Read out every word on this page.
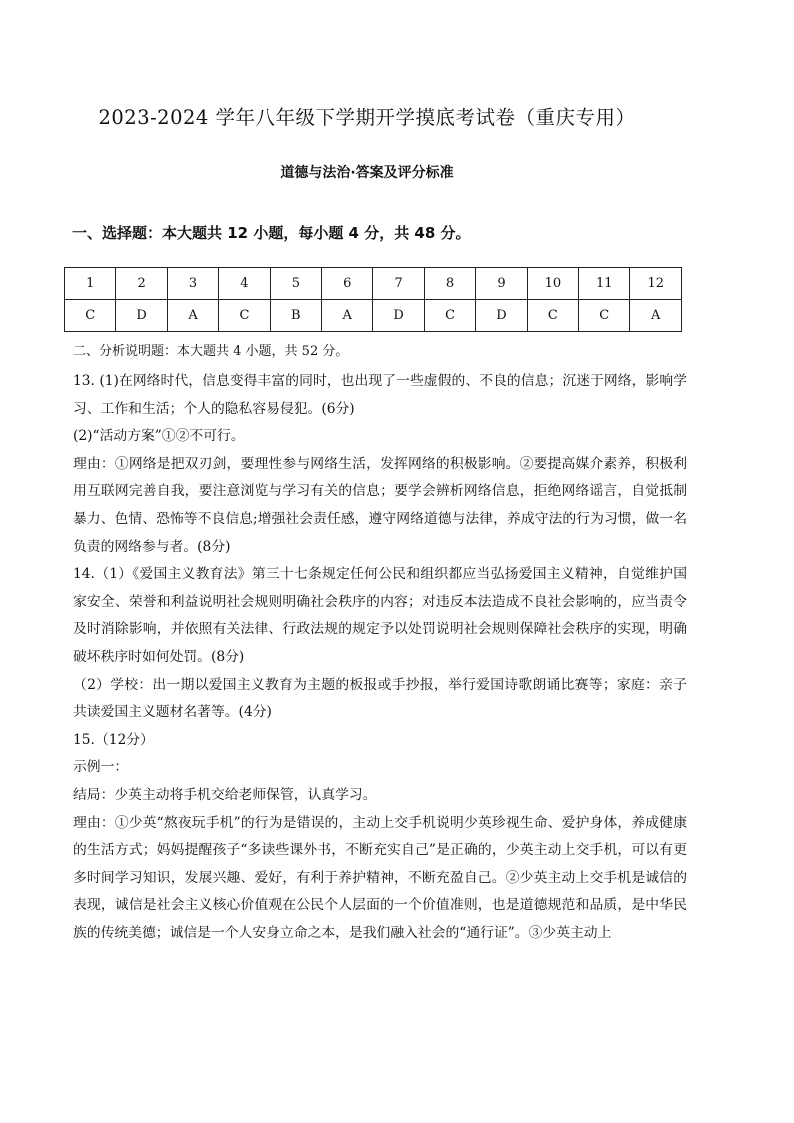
2023-2024 学年八年级下学期开学摸底考试卷（重庆专用）
道德与法治·答案及评分标准
一、选择题：本大题共 12 小题，每小题 4 分，共 48 分。
1	2	3	4	5	6	7	8	9	10	11	12
C	D	A	C	B	A	D	C	D	C	C	A
二、分析说明题：本大题共 4 小题，共 52 分。

13. (1)在网络时代，信息变得丰富的同时，也出现了一些虚假的、不良的信息；沉迷于网络，影响学习、工作和生活；个人的隐私容易侵犯。(6分)

(2)“活动方案”①②不可行。

理由：①网络是把双刃剑，要理性参与网络生活，发挥网络的积极影响。②要提高媒介素养，积极利用互联网完善自我，要注意浏览与学习有关的信息；要学会辨析网络信息，拒绝网络谣言，自觉抵制暴力、色情、恐怖等不良信息;增强社会责任感，遵守网络道德与法律，养成守法的行为习惯，做一名负责的网络参与者。(8分)

14.（1）《爱国主义教育法》第三十七条规定任何公民和组织都应当弘扬爱国主义精神，自觉维护国家安全、荣誉和利益说明社会规则明确社会秩序的内容；对违反本法造成不良社会影响的，应当责令及时消除影响，并依照有关法律、行政法规的规定予以处罚说明社会规则保障社会秩序的实现，明确破坏秩序时如何处罚。(8分)

（2）学校：出一期以爱国主义教育为主题的板报或手抄报，举行爱国诗歌朗诵比赛等；家庭：亲子共读爱国主义题材名著等。(4分)

15.（12分）

示例一：

结局：少英主动将手机交给老师保管，认真学习。

理由：①少英“熬夜玩手机”的行为是错误的，主动上交手机说明少英珍视生命、爱护身体，养成健康的生活方式；妈妈提醒孩子“多读些课外书，不断充实自己”是正确的，少英主动上交手机，可以有更多时间学习知识，发展兴趣、爱好，有利于养护精神，不断充盈自己。②少英主动上交手机是诚信的表现，诚信是社会主义核心价值观在公民个人层面的一个价值准则，也是道德规范和品质，是中华民族的传统美德；诚信是一个人安身立命之本，是我们融入社会的“通行证”。③少英主动上
